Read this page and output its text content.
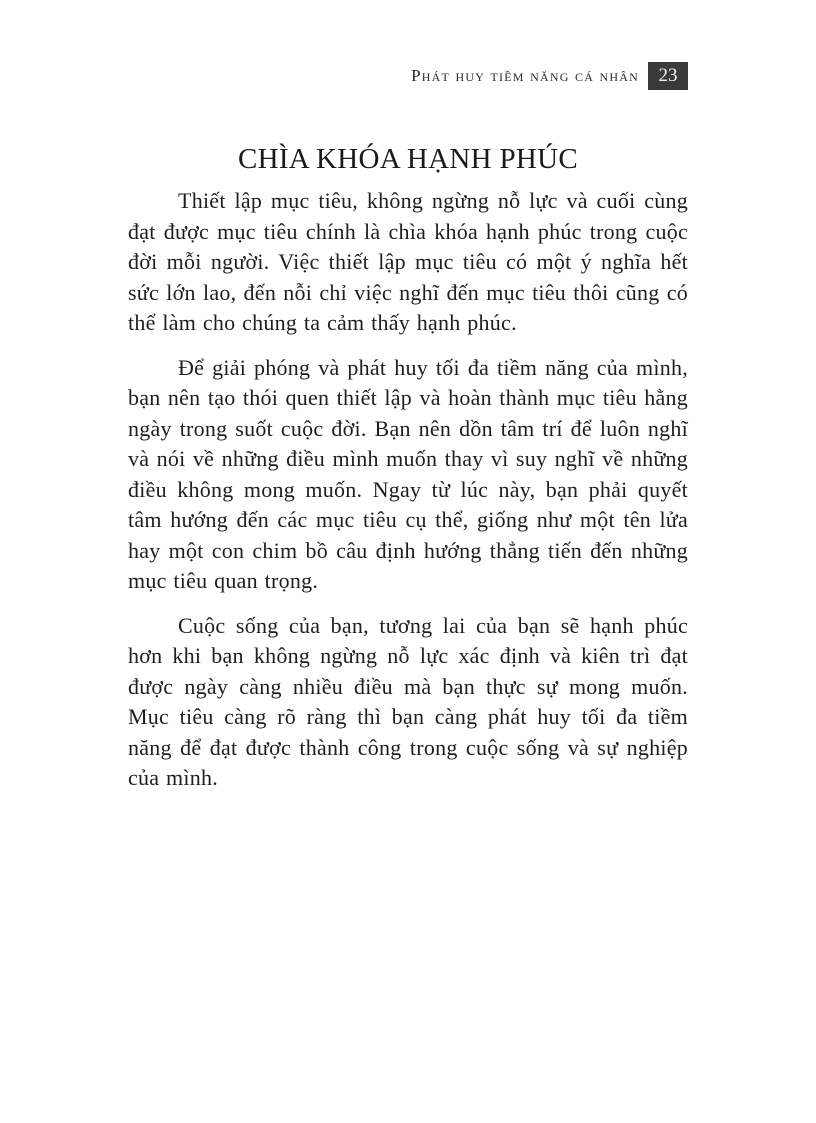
Phát huy tiềm năng cá nhân	23
CHÌA KHÓA HẠNH PHÚC

Thiết lập mục tiêu, không ngừng nỗ lực và cuối cùng đạt được mục tiêu chính là chìa khóa hạnh phúc trong cuộc đời mỗi người. Việc thiết lập mục tiêu có một ý nghĩa hết sức lớn lao, đến nỗi chỉ việc nghĩ đến mục tiêu thôi cũng có thể làm cho chúng ta cảm thấy hạnh phúc.

Để giải phóng và phát huy tối đa tiềm năng của mình, bạn nên tạo thói quen thiết lập và hoàn thành mục tiêu hằng ngày trong suốt cuộc đời. Bạn nên dồn tâm trí để luôn nghĩ và nói về những điều mình muốn thay vì suy nghĩ về những điều không mong muốn. Ngay từ lúc này, bạn phải quyết tâm hướng đến các mục tiêu cụ thể, giống như một tên lửa hay một con chim bồ câu định hướng thẳng tiến đến những mục tiêu quan trọng.

Cuộc sống của bạn, tương lai của bạn sẽ hạnh phúc hơn khi bạn không ngừng nỗ lực xác định và kiên trì đạt được ngày càng nhiều điều mà bạn thực sự mong muốn. Mục tiêu càng rõ ràng thì bạn càng phát huy tối đa tiềm năng để đạt được thành công trong cuộc sống và sự nghiệp của mình.
